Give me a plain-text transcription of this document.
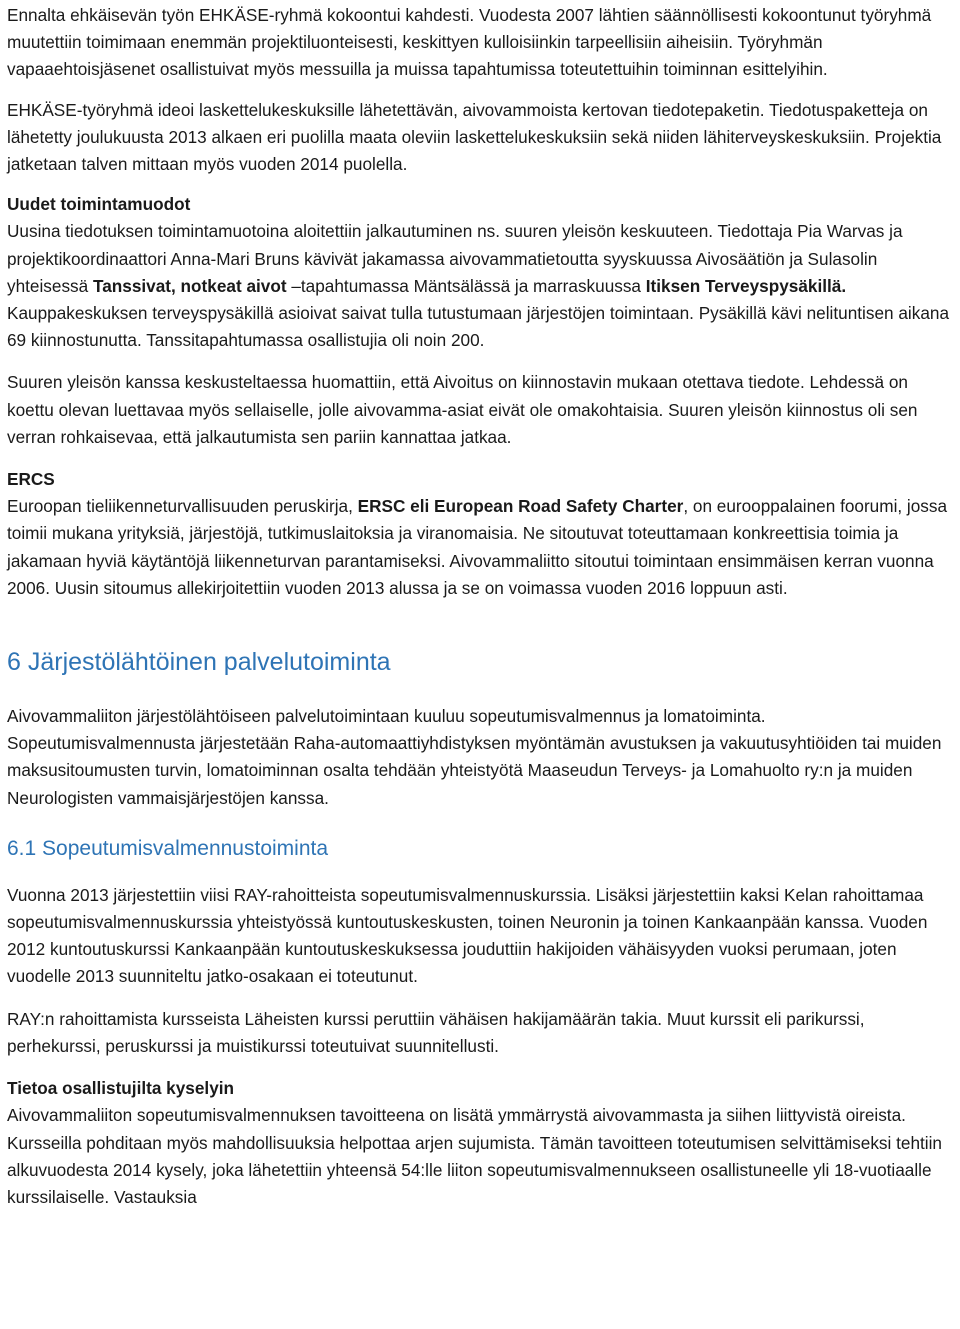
Ennalta ehkäisevän työn EHKÄSE-ryhmä kokoontui kahdesti. Vuodesta 2007 lähtien säännöllisesti kokoontunut työryhmä muutettiin toimimaan enemmän projektiluonteisesti, keskittyen kulloisiinkin tarpeellisiin aiheisiin. Työryhmän vapaaehtoisjäsenet osallistuivat myös messuilla ja muissa tapahtumissa toteutettuihin toiminnan esittelyihin.

EHKÄSE-työryhmä ideoi laskettelukeskuksille lähetettävän, aivovammoista kertovan tiedotepaketin. Tiedotuspaketteja on lähetetty joulukuusta 2013 alkaen eri puolilla maata oleviin laskettelukeskuksiin sekä niiden lähiterveyskeskuksiin. Projektia jatketaan talven mittaan myös vuoden 2014 puolella.

Uudet toimintamuodot

Uusina tiedotuksen toimintamuotoina aloitettiin jalkautuminen ns. suuren yleisön keskuuteen. Tiedottaja Pia Warvas ja projektikoordinaattori Anna-Mari Bruns kävivät jakamassa aivovammatietoutta syyskuussa Aivosäätiön ja Sulasolin yhteisessä Tanssivat, notkeat aivot –tapahtumassa Mäntsälässä ja marraskuussa Itiksen Terveyspysäkillä. Kauppakeskuksen terveyspysäkillä asioivat saivat tulla tutustumaan järjestöjen toimintaan. Pysäkillä kävi nelituntisen aikana 69 kiinnostunutta. Tanssitapahtumassa osallistujia oli noin 200.

Suuren yleisön kanssa keskusteltaessa huomattiin, että Aivoitus on kiinnostavin mukaan otettava tiedote. Lehdessä on koettu olevan luettavaa myös sellaiselle, jolle aivovamma-asiat eivät ole omakohtaisia. Suuren yleisön kiinnostus oli sen verran rohkaisevaa, että jalkautumista sen pariin kannattaa jatkaa.

ERCS

Euroopan tieliikenneturvallisuuden peruskirja, ERSC eli European Road Safety Charter, on eurooppalainen foorumi, jossa toimii mukana yrityksiä, järjestöjä, tutkimuslaitoksia ja viranomaisia. Ne sitoutuvat toteuttamaan konkreettisia toimia ja jakamaan hyviä käytäntöjä liikenneturvan parantamiseksi. Aivovammaliitto sitoutui toimintaan ensimmäisen kerran vuonna 2006. Uusin sitoumus allekirjoitettiin vuoden 2013 alussa ja se on voimassa vuoden 2016 loppuun asti.

6 Järjestölähtöinen palvelutoiminta

Aivovammaliiton järjestölähtöiseen palvelutoimintaan kuuluu sopeutumisvalmennus ja lomatoiminta. Sopeutumisvalmennusta järjestetään Raha-automaattiyhdistyksen myöntämän avustuksen ja vakuutusyhtiöiden tai muiden maksusitoumusten turvin, lomatoiminnan osalta tehdään yhteistyötä Maaseudun Terveys- ja Lomahuolto ry:n ja muiden Neurologisten vammaisjärjestöjen kanssa.

6.1 Sopeutumisvalmennustoiminta

Vuonna 2013 järjestettiin viisi RAY-rahoitteista sopeutumisvalmennuskurssia. Lisäksi järjestettiin kaksi Kelan rahoittamaa sopeutumisvalmennuskurssia yhteistyössä kuntoutuskeskusten, toinen Neuronin ja toinen Kankaanpään kanssa. Vuoden 2012 kuntoutuskurssi Kankaanpään kuntoutuskeskuksessa jouduttiin hakijoiden vähäisyyden vuoksi perumaan, joten vuodelle 2013 suunniteltu jatko-osakaan ei toteutunut.

RAY:n rahoittamista kursseista Läheisten kurssi peruttiin vähäisen hakijamäärän takia. Muut kurssit eli parikurssi, perhekurssi, peruskurssi ja muistikurssi toteutuivat suunnitellusti.

Tietoa osallistujilta kyselyin

Aivovammaliiton sopeutumisvalmennuksen tavoitteena on lisätä ymmärrystä aivovammasta ja siihen liittyvistä oireista. Kursseilla pohditaan myös mahdollisuuksia helpottaa arjen sujumista. Tämän tavoitteen toteutumisen selvittämiseksi tehtiin alkuvuodesta 2014 kysely, joka lähetettiin yhteensä 54:lle liiton sopeutumisvalmennukseen osallistuneelle yli 18-vuotiaalle kurssilaiselle. Vastauksia
